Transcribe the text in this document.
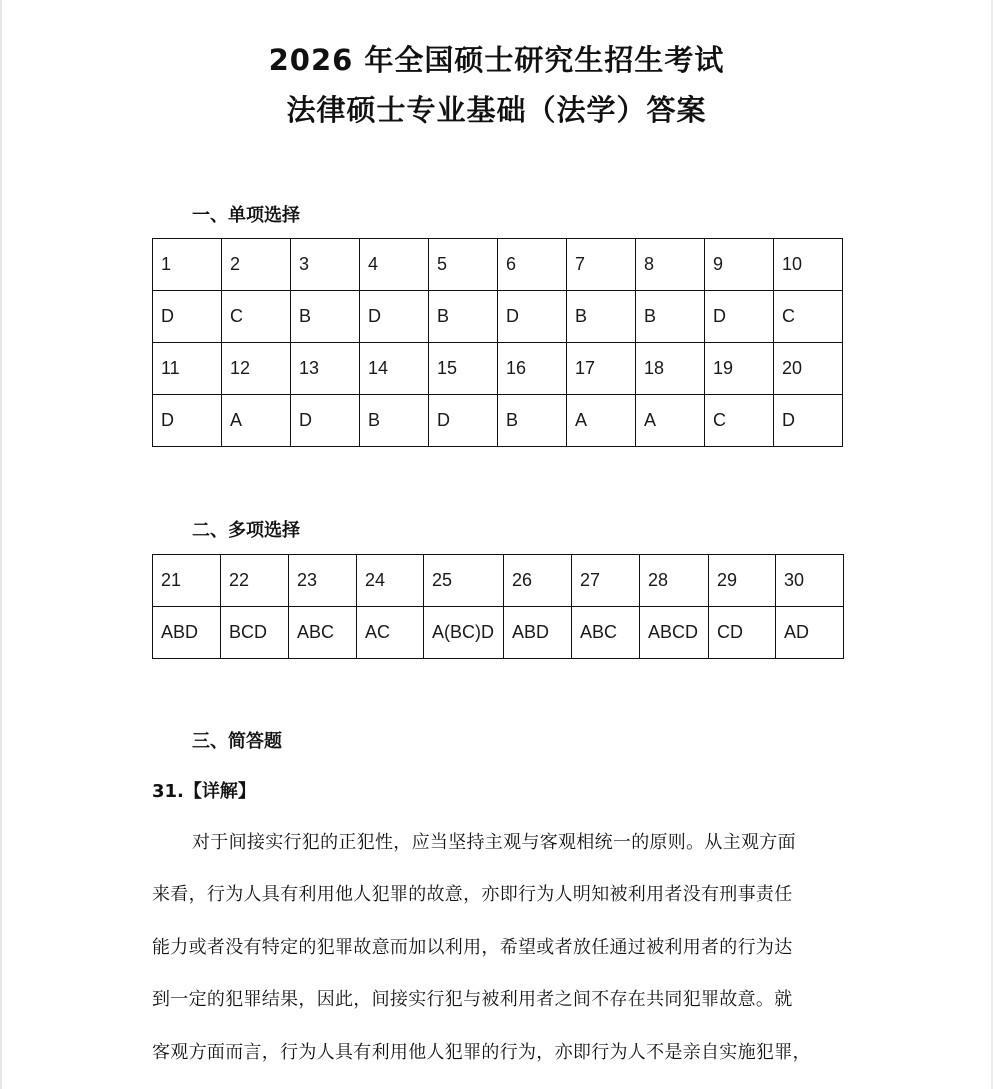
2026 年全国硕士研究生招生考试
法律硕士专业基础（法学）答案
一、单项选择
1	2	3	4	5	6	7	8	9	10
D	C	B	D	B	D	B	B	D	C
11	12	13	14	15	16	17	18	19	20
D	A	D	B	D	B	A	A	C	D
二、多项选择
21	22	23	24	25	26	27	28	29	30
ABD	BCD	ABC	AC	A(BC)D	ABD	ABC	ABCD	CD	AD
三、简答题
31.【详解】
对于间接实行犯的正犯性，应当坚持主观与客观相统一的原则。从主观方面
来看，行为人具有利用他人犯罪的故意，亦即行为人明知被利用者没有刑事责任
能力或者没有特定的犯罪故意而加以利用，希望或者放任通过被利用者的行为达
到一定的犯罪结果，因此，间接实行犯与被利用者之间不存在共同犯罪故意。就
客观方面而言，行为人具有利用他人犯罪的行为，亦即行为人不是亲自实施犯罪，
